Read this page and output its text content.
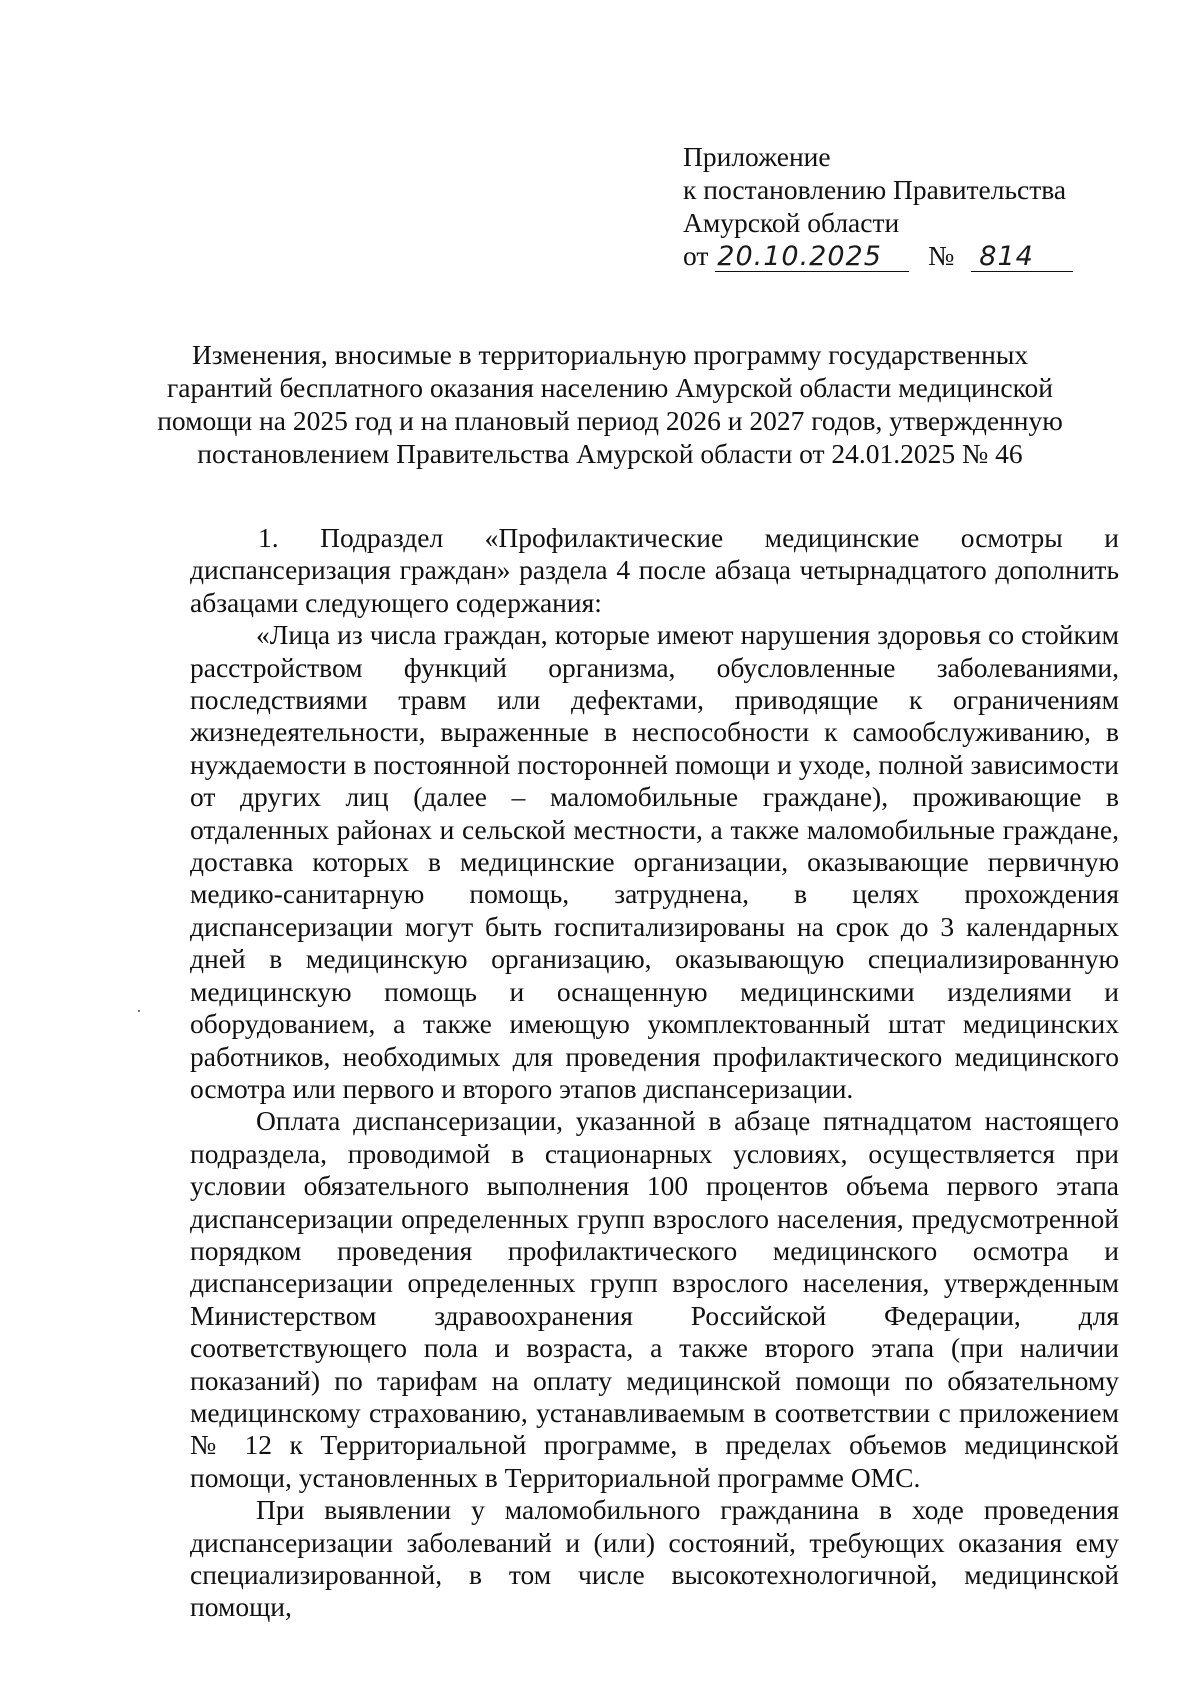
Приложение
к постановлению Правительства
Амурской области
от 20.10.2025 № 814
Изменения, вносимые в территориальную программу государственных
гарантий бесплатного оказания населению Амурской области медицинской
помощи на 2025 год и на плановый период 2026 и 2027 годов, утвержденную
постановлением Правительства Амурской области от 24.01.2025 № 46

1. Подраздел «Профилактические медицинские осмотры и диспансеризация граждан» раздела 4 после абзаца четырнадцатого дополнить абзацами следующего содержания:

«Лица из числа граждан, которые имеют нарушения здоровья со стойким расстройством функций организма, обусловленные заболеваниями, последствиями травм или дефектами, приводящие к ограничениям жизнедеятельности, выраженные в неспособности к самообслуживанию, в нуждаемости в постоянной посторонней помощи и уходе, полной зависимости от других лиц (далее – маломобильные граждане), проживающие в отдаленных районах и сельской местности, а также маломобильные граждане, доставка которых в медицинские организации, оказывающие первичную медико-санитарную помощь, затруднена, в целях прохождения диспансеризации могут быть госпитализированы на срок до 3 календарных дней в медицинскую организацию, оказывающую специализированную медицинскую помощь и оснащенную медицинскими изделиями и оборудованием, а также имеющую укомплектованный штат медицинских работников, необходимых для проведения профилактического медицинского осмотра или первого и второго этапов диспансеризации.

Оплата диспансеризации, указанной в абзаце пятнадцатом настоящего подраздела, проводимой в стационарных условиях, осуществляется при условии обязательного выполнения 100 процентов объема первого этапа диспансеризации определенных групп взрослого населения, предусмотренной порядком проведения профилактического медицинского осмотра и диспансеризации определенных групп взрослого населения, утвержденным Министерством здравоохранения Российской Федерации, для соответствующего пола и возраста, а также второго этапа (при наличии показаний) по тарифам на оплату медицинской помощи по обязательному медицинскому страхованию, устанавливаемым в соответствии с приложением № 12 к Территориальной программе, в пределах объемов медицинской помощи, установленных в Территориальной программе ОМС.

При выявлении у маломобильного гражданина в ходе проведения диспансеризации заболеваний и (или) состояний, требующих оказания ему специализированной, в том числе высокотехнологичной, медицинской помощи,
